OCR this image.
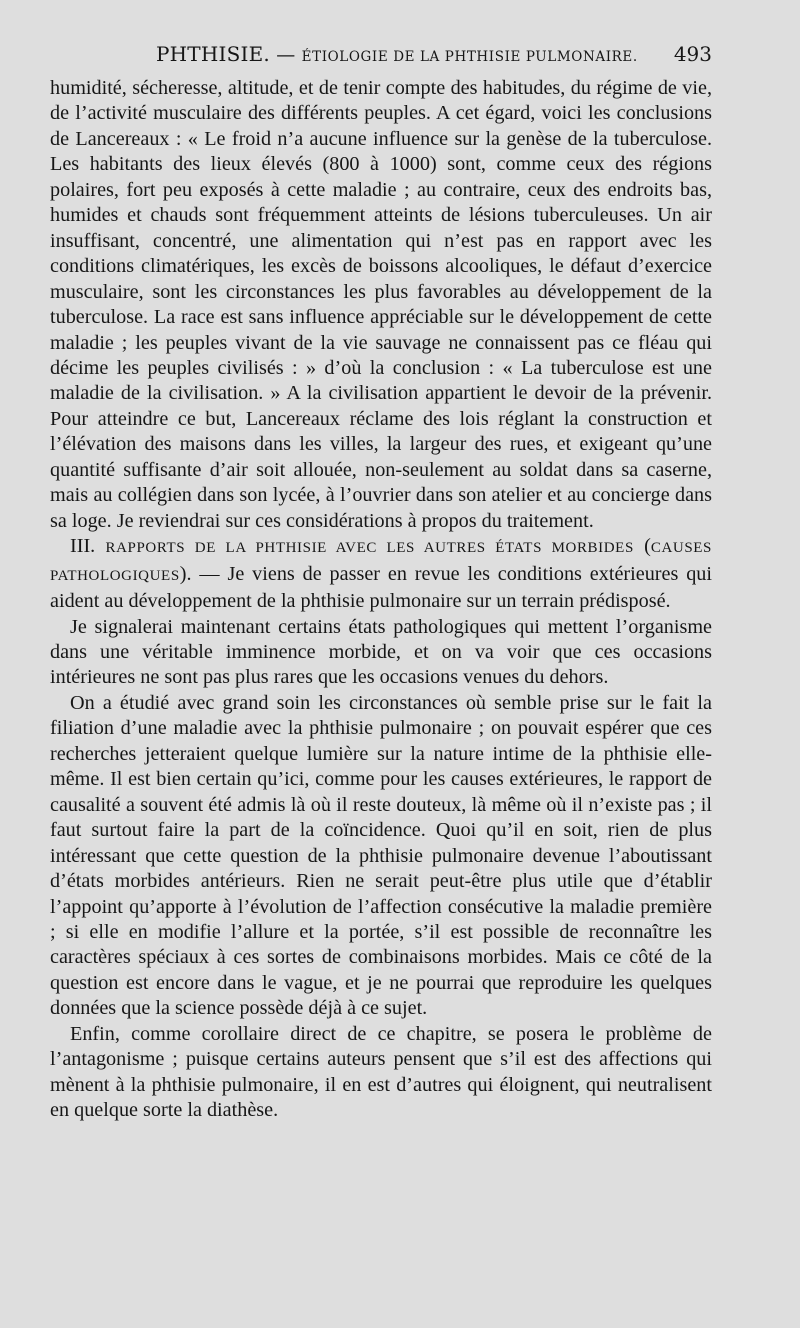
PHTHISIE. — ÉTIOLOGIE DE LA PHTHISIE PULMONAIRE. 493

humidité, sécheresse, altitude, et de tenir compte des habitudes, du régime de vie, de l’activité musculaire des différents peuples. A cet égard, voici les conclusions de Lancereaux : « Le froid n’a aucune influence sur la genèse de la tuberculose. Les habitants des lieux élevés (800 à 1000) sont, comme ceux des régions polaires, fort peu exposés à cette maladie ; au contraire, ceux des endroits bas, humides et chauds sont fréquemment atteints de lésions tuberculeuses. Un air insuffisant, concentré, une alimentation qui n’est pas en rapport avec les conditions climatériques, les excès de boissons alcooliques, le défaut d’exercice musculaire, sont les circonstances les plus favorables au développement de la tuberculose. La race est sans influence appréciable sur le développement de cette maladie ; les peuples vivant de la vie sauvage ne connaissent pas ce fléau qui décime les peuples civilisés : » d’où la conclusion : « La tuberculose est une maladie de la civilisation. » A la civilisation appartient le devoir de la prévenir. Pour atteindre ce but, Lancereaux réclame des lois réglant la construction et l’élévation des maisons dans les villes, la largeur des rues, et exigeant qu’une quantité suffisante d’air soit allouée, non-seulement au soldat dans sa caserne, mais au collégien dans son lycée, à l’ouvrier dans son atelier et au concierge dans sa loge. Je reviendrai sur ces considérations à propos du traitement.

III. RAPPORTS DE LA PHTHISIE AVEC LES AUTRES ÉTATS MORBIDES (CAUSES PATHOLOGIQUES). — Je viens de passer en revue les conditions extérieures qui aident au développement de la phthisie pulmonaire sur un terrain prédisposé.

Je signalerai maintenant certains états pathologiques qui mettent l’organisme dans une véritable imminence morbide, et on va voir que ces occasions intérieures ne sont pas plus rares que les occasions venues du dehors.

On a étudié avec grand soin les circonstances où semble prise sur le fait la filiation d’une maladie avec la phthisie pulmonaire ; on pouvait espérer que ces recherches jetteraient quelque lumière sur la nature intime de la phthisie elle-même. Il est bien certain qu’ici, comme pour les causes extérieures, le rapport de causalité a souvent été admis là où il reste douteux, là même où il n’existe pas ; il faut surtout faire la part de la coïncidence. Quoi qu’il en soit, rien de plus intéressant que cette question de la phthisie pulmonaire devenue l’aboutissant d’états morbides antérieurs. Rien ne serait peut-être plus utile que d’établir l’appoint qu’apporte à l’évolution de l’affection consécutive la maladie première ; si elle en modifie l’allure et la portée, s’il est possible de reconnaître les caractères spéciaux à ces sortes de combinaisons morbides. Mais ce côté de la question est encore dans le vague, et je ne pourrai que reproduire les quelques données que la science possède déjà à ce sujet.

Enfin, comme corollaire direct de ce chapitre, se posera le problème de l’antagonisme ; puisque certains auteurs pensent que s’il est des affections qui mènent à la phthisie pulmonaire, il en est d’autres qui éloignent, qui neutralisent en quelque sorte la diathèse.
